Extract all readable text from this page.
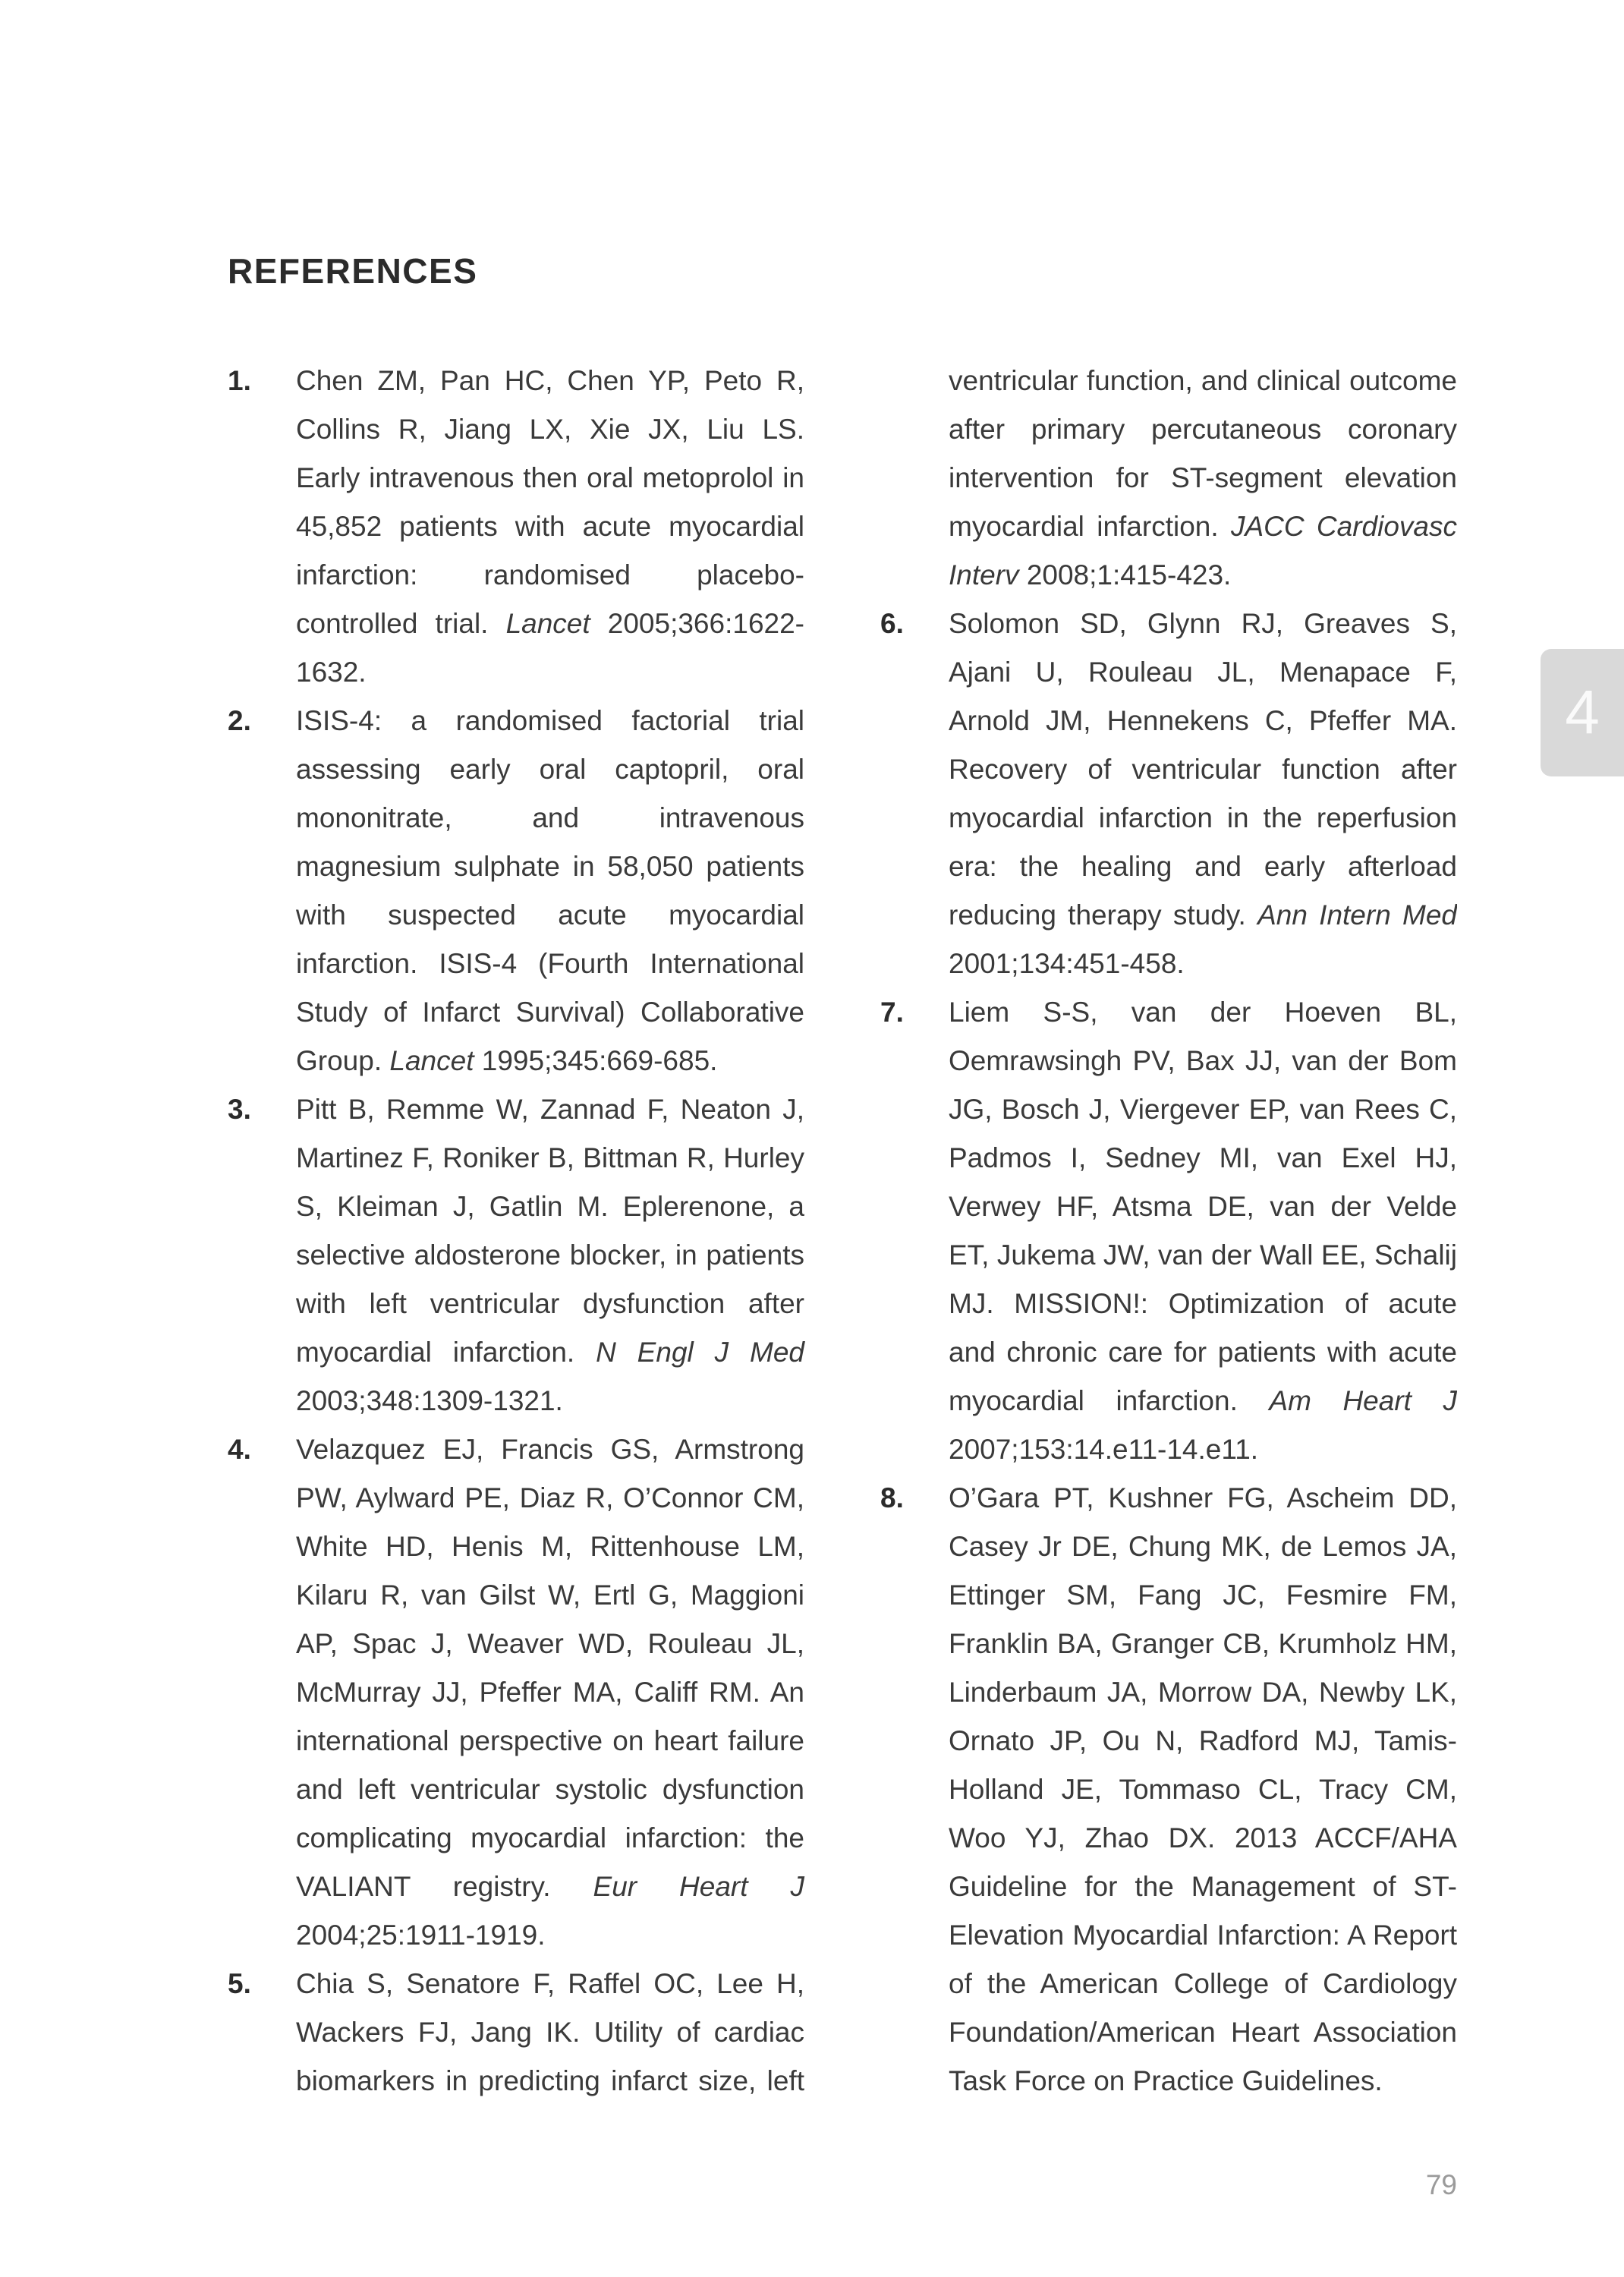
REFERENCES

1. Chen ZM, Pan HC, Chen YP, Peto R, Collins R, Jiang LX, Xie JX, Liu LS. Early intravenous then oral metoprolol in 45,852 patients with acute myocardial infarction: randomised placebo-controlled trial. Lancet 2005;366:1622-1632.

2. ISIS-4: a randomised factorial trial assessing early oral captopril, oral mononitrate, and intravenous magnesium sulphate in 58,050 patients with suspected acute myocardial infarction. ISIS-4 (Fourth International Study of Infarct Survival) Collaborative Group. Lancet 1995;345:669-685.

3. Pitt B, Remme W, Zannad F, Neaton J, Martinez F, Roniker B, Bittman R, Hurley S, Kleiman J, Gatlin M. Eplerenone, a selective aldosterone blocker, in patients with left ventricular dysfunction after myocardial infarction. N Engl J Med 2003;348:1309-1321.

4. Velazquez EJ, Francis GS, Armstrong PW, Aylward PE, Diaz R, O’Connor CM, White HD, Henis M, Rittenhouse LM, Kilaru R, van Gilst W, Ertl G, Maggioni AP, Spac J, Weaver WD, Rouleau JL, McMurray JJ, Pfeffer MA, Califf RM. An international perspective on heart failure and left ventricular systolic dysfunction complicating myocardial infarction: the VALIANT registry. Eur Heart J 2004;25:1911-1919.

5. Chia S, Senatore F, Raffel OC, Lee H, Wackers FJ, Jang IK. Utility of cardiac biomarkers in predicting infarct size, left ventricular function, and clinical outcome after primary percutaneous coronary intervention for ST-segment elevation myocardial infarction. JACC Cardiovasc Interv 2008;1:415-423.

6. Solomon SD, Glynn RJ, Greaves S, Ajani U, Rouleau JL, Menapace F, Arnold JM, Hennekens C, Pfeffer MA. Recovery of ventricular function after myocardial infarction in the reperfusion era: the healing and early afterload reducing therapy study. Ann Intern Med 2001;134:451-458.

7. Liem S-S, van der Hoeven BL, Oemrawsingh PV, Bax JJ, van der Bom JG, Bosch J, Viergever EP, van Rees C, Padmos I, Sedney MI, van Exel HJ, Verwey HF, Atsma DE, van der Velde ET, Jukema JW, van der Wall EE, Schalij MJ. MISSION!: Optimization of acute and chronic care for patients with acute myocardial infarction. Am Heart J 2007;153:14.e11-14.e11.

8. O’Gara PT, Kushner FG, Ascheim DD, Casey Jr DE, Chung MK, de Lemos JA, Ettinger SM, Fang JC, Fesmire FM, Franklin BA, Granger CB, Krumholz HM, Linderbaum JA, Morrow DA, Newby LK, Ornato JP, Ou N, Radford MJ, Tamis-Holland JE, Tommaso CL, Tracy CM, Woo YJ, Zhao DX. 2013 ACCF/AHA Guideline for the Management of ST-Elevation Myocardial Infarction: A Report of the American College of Cardiology Foundation/American Heart Association Task Force on Practice Guidelines.

4
79
